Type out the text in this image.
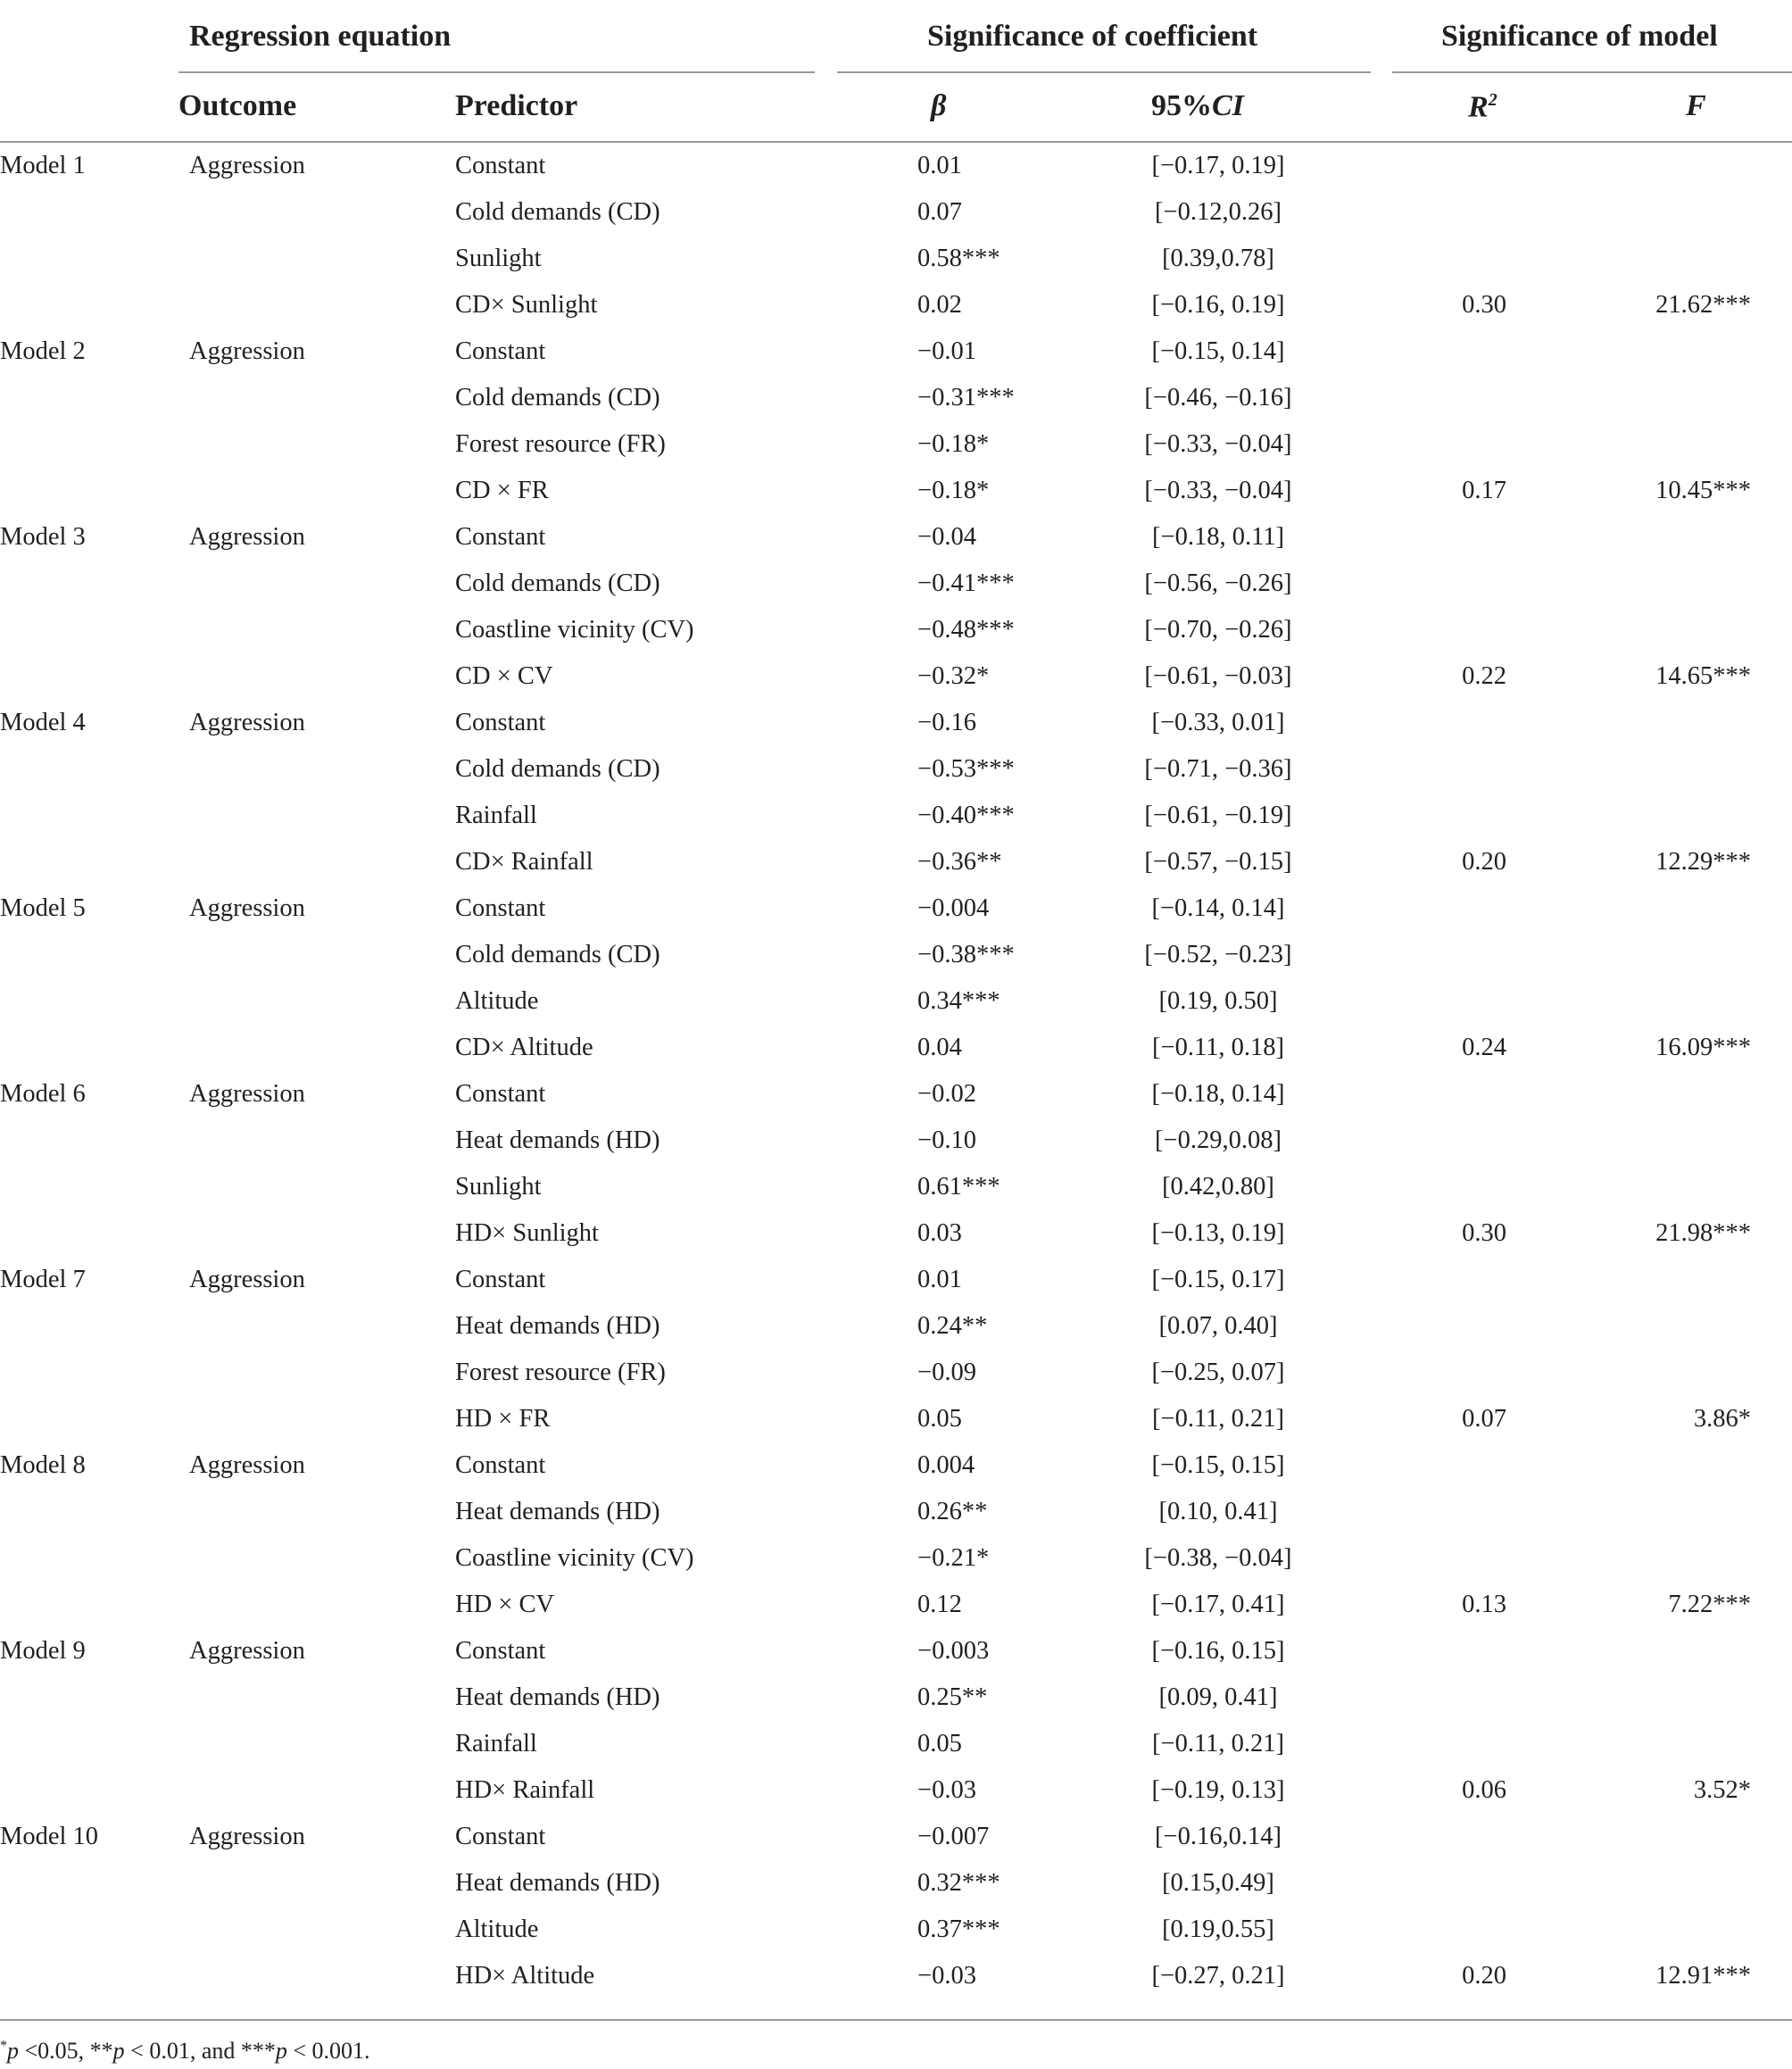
Regression equation	Significance of coefficient	Significance of model
Outcome	Predictor	β	95%CI	$R^2$	F
Model 1	Aggression	Constant	0.01	[−0.17, 0.19]
Cold demands (CD)	0.07	[−0.12,0.26]
Sunlight	0.58***	[0.39,0.78]
CD× Sunlight	0.02	[−0.16, 0.19]	0.30	21.62***
Model 2	Aggression	Constant	−0.01	[−0.15, 0.14]
Cold demands (CD)	−0.31***	[−0.46, −0.16]
Forest resource (FR)	−0.18*	[−0.33, −0.04]
CD × FR	−0.18*	[−0.33, −0.04]	0.17	10.45***
Model 3	Aggression	Constant	−0.04	[−0.18, 0.11]
Cold demands (CD)	−0.41***	[−0.56, −0.26]
Coastline vicinity (CV)	−0.48***	[−0.70, −0.26]
CD × CV	−0.32*	[−0.61, −0.03]	0.22	14.65***
Model 4	Aggression	Constant	−0.16	[−0.33, 0.01]
Cold demands (CD)	−0.53***	[−0.71, −0.36]
Rainfall	−0.40***	[−0.61, −0.19]
CD× Rainfall	−0.36**	[−0.57, −0.15]	0.20	12.29***
Model 5	Aggression	Constant	−0.004	[−0.14, 0.14]
Cold demands (CD)	−0.38***	[−0.52, −0.23]
Altitude	0.34***	[0.19, 0.50]
CD× Altitude	0.04	[−0.11, 0.18]	0.24	16.09***
Model 6	Aggression	Constant	−0.02	[−0.18, 0.14]
Heat demands (HD)	−0.10	[−0.29,0.08]
Sunlight	0.61***	[0.42,0.80]
HD× Sunlight	0.03	[−0.13, 0.19]	0.30	21.98***
Model 7	Aggression	Constant	0.01	[−0.15, 0.17]
Heat demands (HD)	0.24**	[0.07, 0.40]
Forest resource (FR)	−0.09	[−0.25, 0.07]
HD × FR	0.05	[−0.11, 0.21]	0.07	3.86*
Model 8	Aggression	Constant	0.004	[−0.15, 0.15]
Heat demands (HD)	0.26**	[0.10, 0.41]
Coastline vicinity (CV)	−0.21*	[−0.38, −0.04]
HD × CV	0.12	[−0.17, 0.41]	0.13	7.22***
Model 9	Aggression	Constant	−0.003	[−0.16, 0.15]
Heat demands (HD)	0.25**	[0.09, 0.41]
Rainfall	0.05	[−0.11, 0.21]
HD× Rainfall	−0.03	[−0.19, 0.13]	0.06	3.52*
Model 10	Aggression	Constant	−0.007	[−0.16,0.14]
Heat demands (HD)	0.32***	[0.15,0.49]
Altitude	0.37***	[0.19,0.55]
HD× Altitude	−0.03	[−0.27, 0.21]	0.20	12.91***
*p <0.05, **p < 0.01, and ***p < 0.001.
